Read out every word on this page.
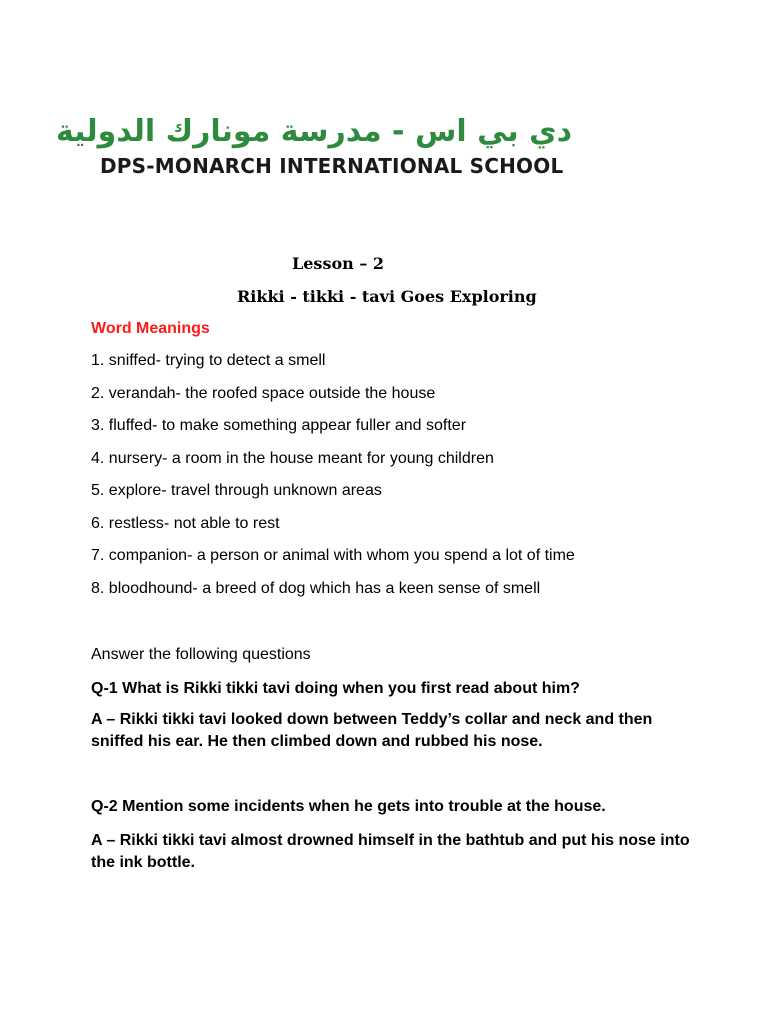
دي بي اس - مدرسة مونارك الدولية
DPS-MONARCH INTERNATIONAL SCHOOL
Lesson – 2
Rikki - tikki - tavi Goes Exploring
Word Meanings
1. sniffed- trying to detect a smell
2. verandah- the roofed space outside the house
3. fluffed- to make something appear fuller and softer
4. nursery- a room in the house meant for young children
5. explore- travel through unknown areas
6. restless- not able to rest
7. companion- a person or animal with whom you spend a lot of time
8. bloodhound- a breed of dog which has a keen sense of smell
Answer the following questions
Q-1 What is Rikki tikki tavi doing when you first read about him?
A – Rikki tikki tavi looked down between Teddy’s collar and neck and then sniffed his ear. He then climbed down and rubbed his nose.
Q-2 Mention some incidents when he gets into trouble at the house.
A – Rikki tikki tavi almost drowned himself in the bathtub and put his nose into the ink bottle.
